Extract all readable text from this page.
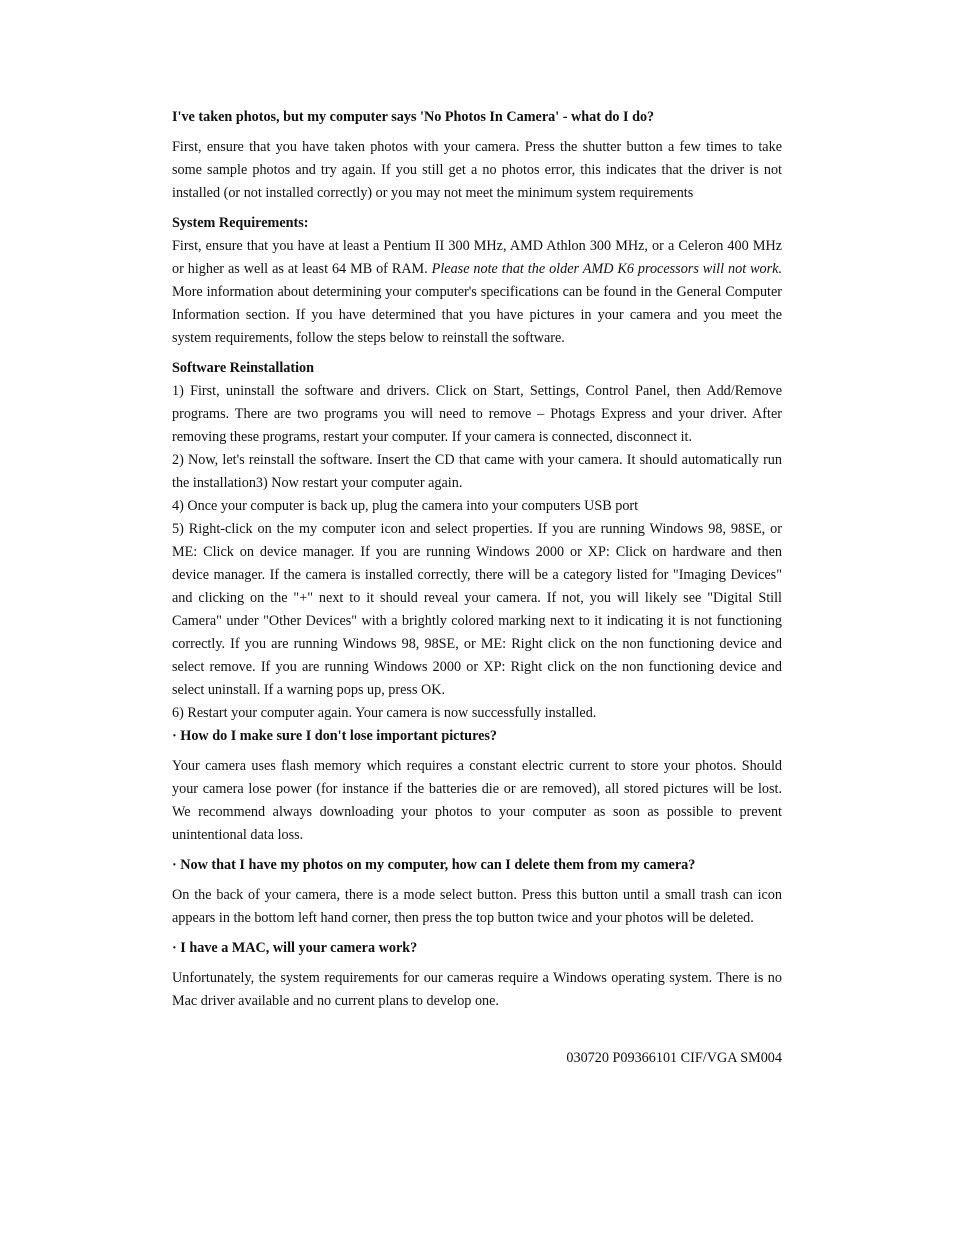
I've taken photos, but my computer says 'No Photos In Camera' - what do I do?

First, ensure that you have taken photos with your camera. Press the shutter button a few times to take some sample photos and try again. If you still get a no photos error, this indicates that the driver is not installed (or not installed correctly) or you may not meet the minimum system requirements

System Requirements:

First, ensure that you have at least a Pentium II 300 MHz, AMD Athlon 300 MHz, or a Celeron 400 MHz or higher as well as at least 64 MB of RAM. Please note that the older AMD K6 processors will not work. More information about determining your computer's specifications can be found in the General Computer Information section. If you have determined that you have pictures in your camera and you meet the system requirements, follow the steps below to reinstall the software.

Software Reinstallation

1) First, uninstall the software and drivers. Click on Start, Settings, Control Panel, then Add/Remove programs. There are two programs you will need to remove – Photags Express and your driver. After removing these programs, restart your computer. If your camera is connected, disconnect it.

2) Now, let's reinstall the software. Insert the CD that came with your camera. It should automatically run the installation3) Now restart your computer again.

4) Once your computer is back up, plug the camera into your computers USB port

5) Right-click on the my computer icon and select properties. If you are running Windows 98, 98SE, or ME: Click on device manager. If you are running Windows 2000 or XP: Click on hardware and then device manager. If the camera is installed correctly, there will be a category listed for "Imaging Devices" and clicking on the "+" next to it should reveal your camera. If not, you will likely see "Digital Still Camera" under "Other Devices" with a brightly colored marking next to it indicating it is not functioning correctly. If you are running Windows 98, 98SE, or ME: Right click on the non functioning device and select remove. If you are running Windows 2000 or XP: Right click on the non functioning device and select uninstall. If a warning pops up, press OK.

6) Restart your computer again. Your camera is now successfully installed.

· How do I make sure I don't lose important pictures?

Your camera uses flash memory which requires a constant electric current to store your photos. Should your camera lose power (for instance if the batteries die or are removed), all stored pictures will be lost. We recommend always downloading your photos to your computer as soon as possible to prevent unintentional data loss.

· Now that I have my photos on my computer, how can I delete them from my camera?

On the back of your camera, there is a mode select button. Press this button until a small trash can icon appears in the bottom left hand corner, then press the top button twice and your photos will be deleted.

· I have a MAC, will your camera work?

Unfortunately, the system requirements for our cameras require a Windows operating system. There is no Mac driver available and no current plans to develop one.

030720 P09366101 CIF/VGA SM004
